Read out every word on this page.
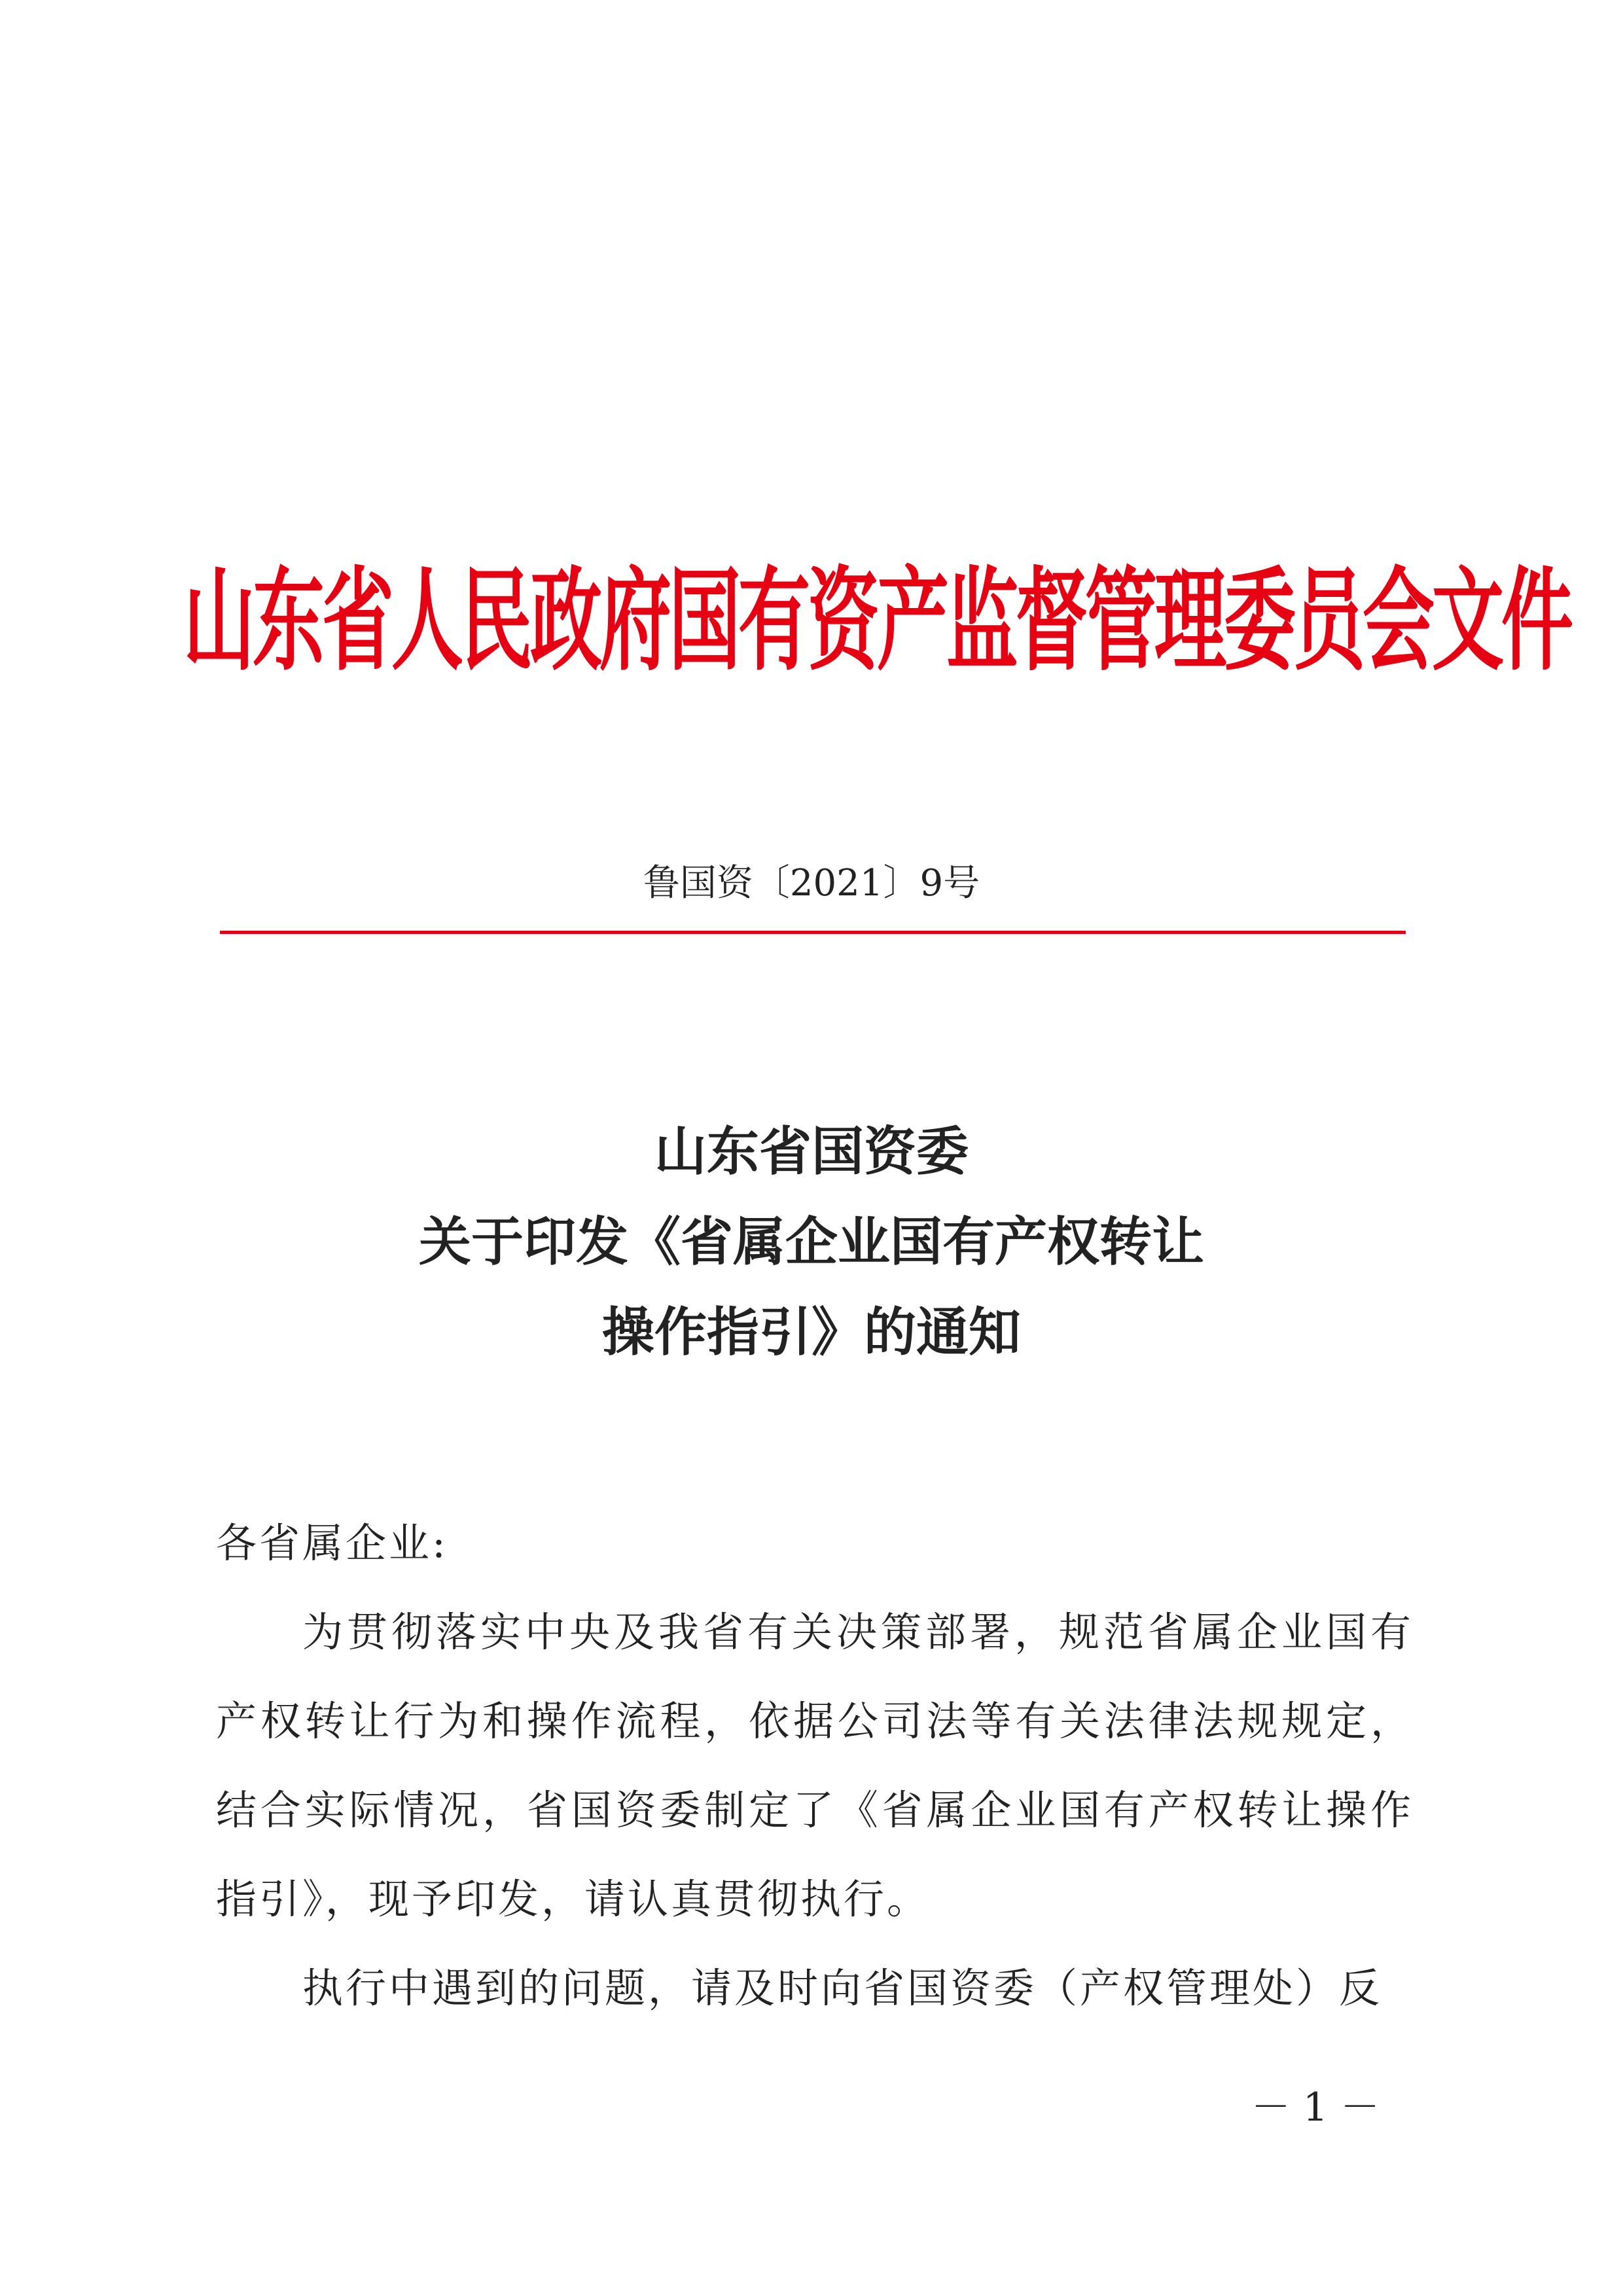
山东省人民政府国有资产监督管理委员会文件
鲁国资〔2021〕9号
山东省国资委
关于印发《省属企业国有产权转让
操作指引》的通知

各省属企业:

为贯彻落实中央及我省有关决策部署，规范省属企业国有产权转让行为和操作流程，依据公司法等有关法律法规规定，结合实际情况，省国资委制定了《省属企业国有产权转让操作指引》，现予印发，请认真贯彻执行。

执行中遇到的问题，请及时向省国资委（产权管理处）反

－ 1 －
